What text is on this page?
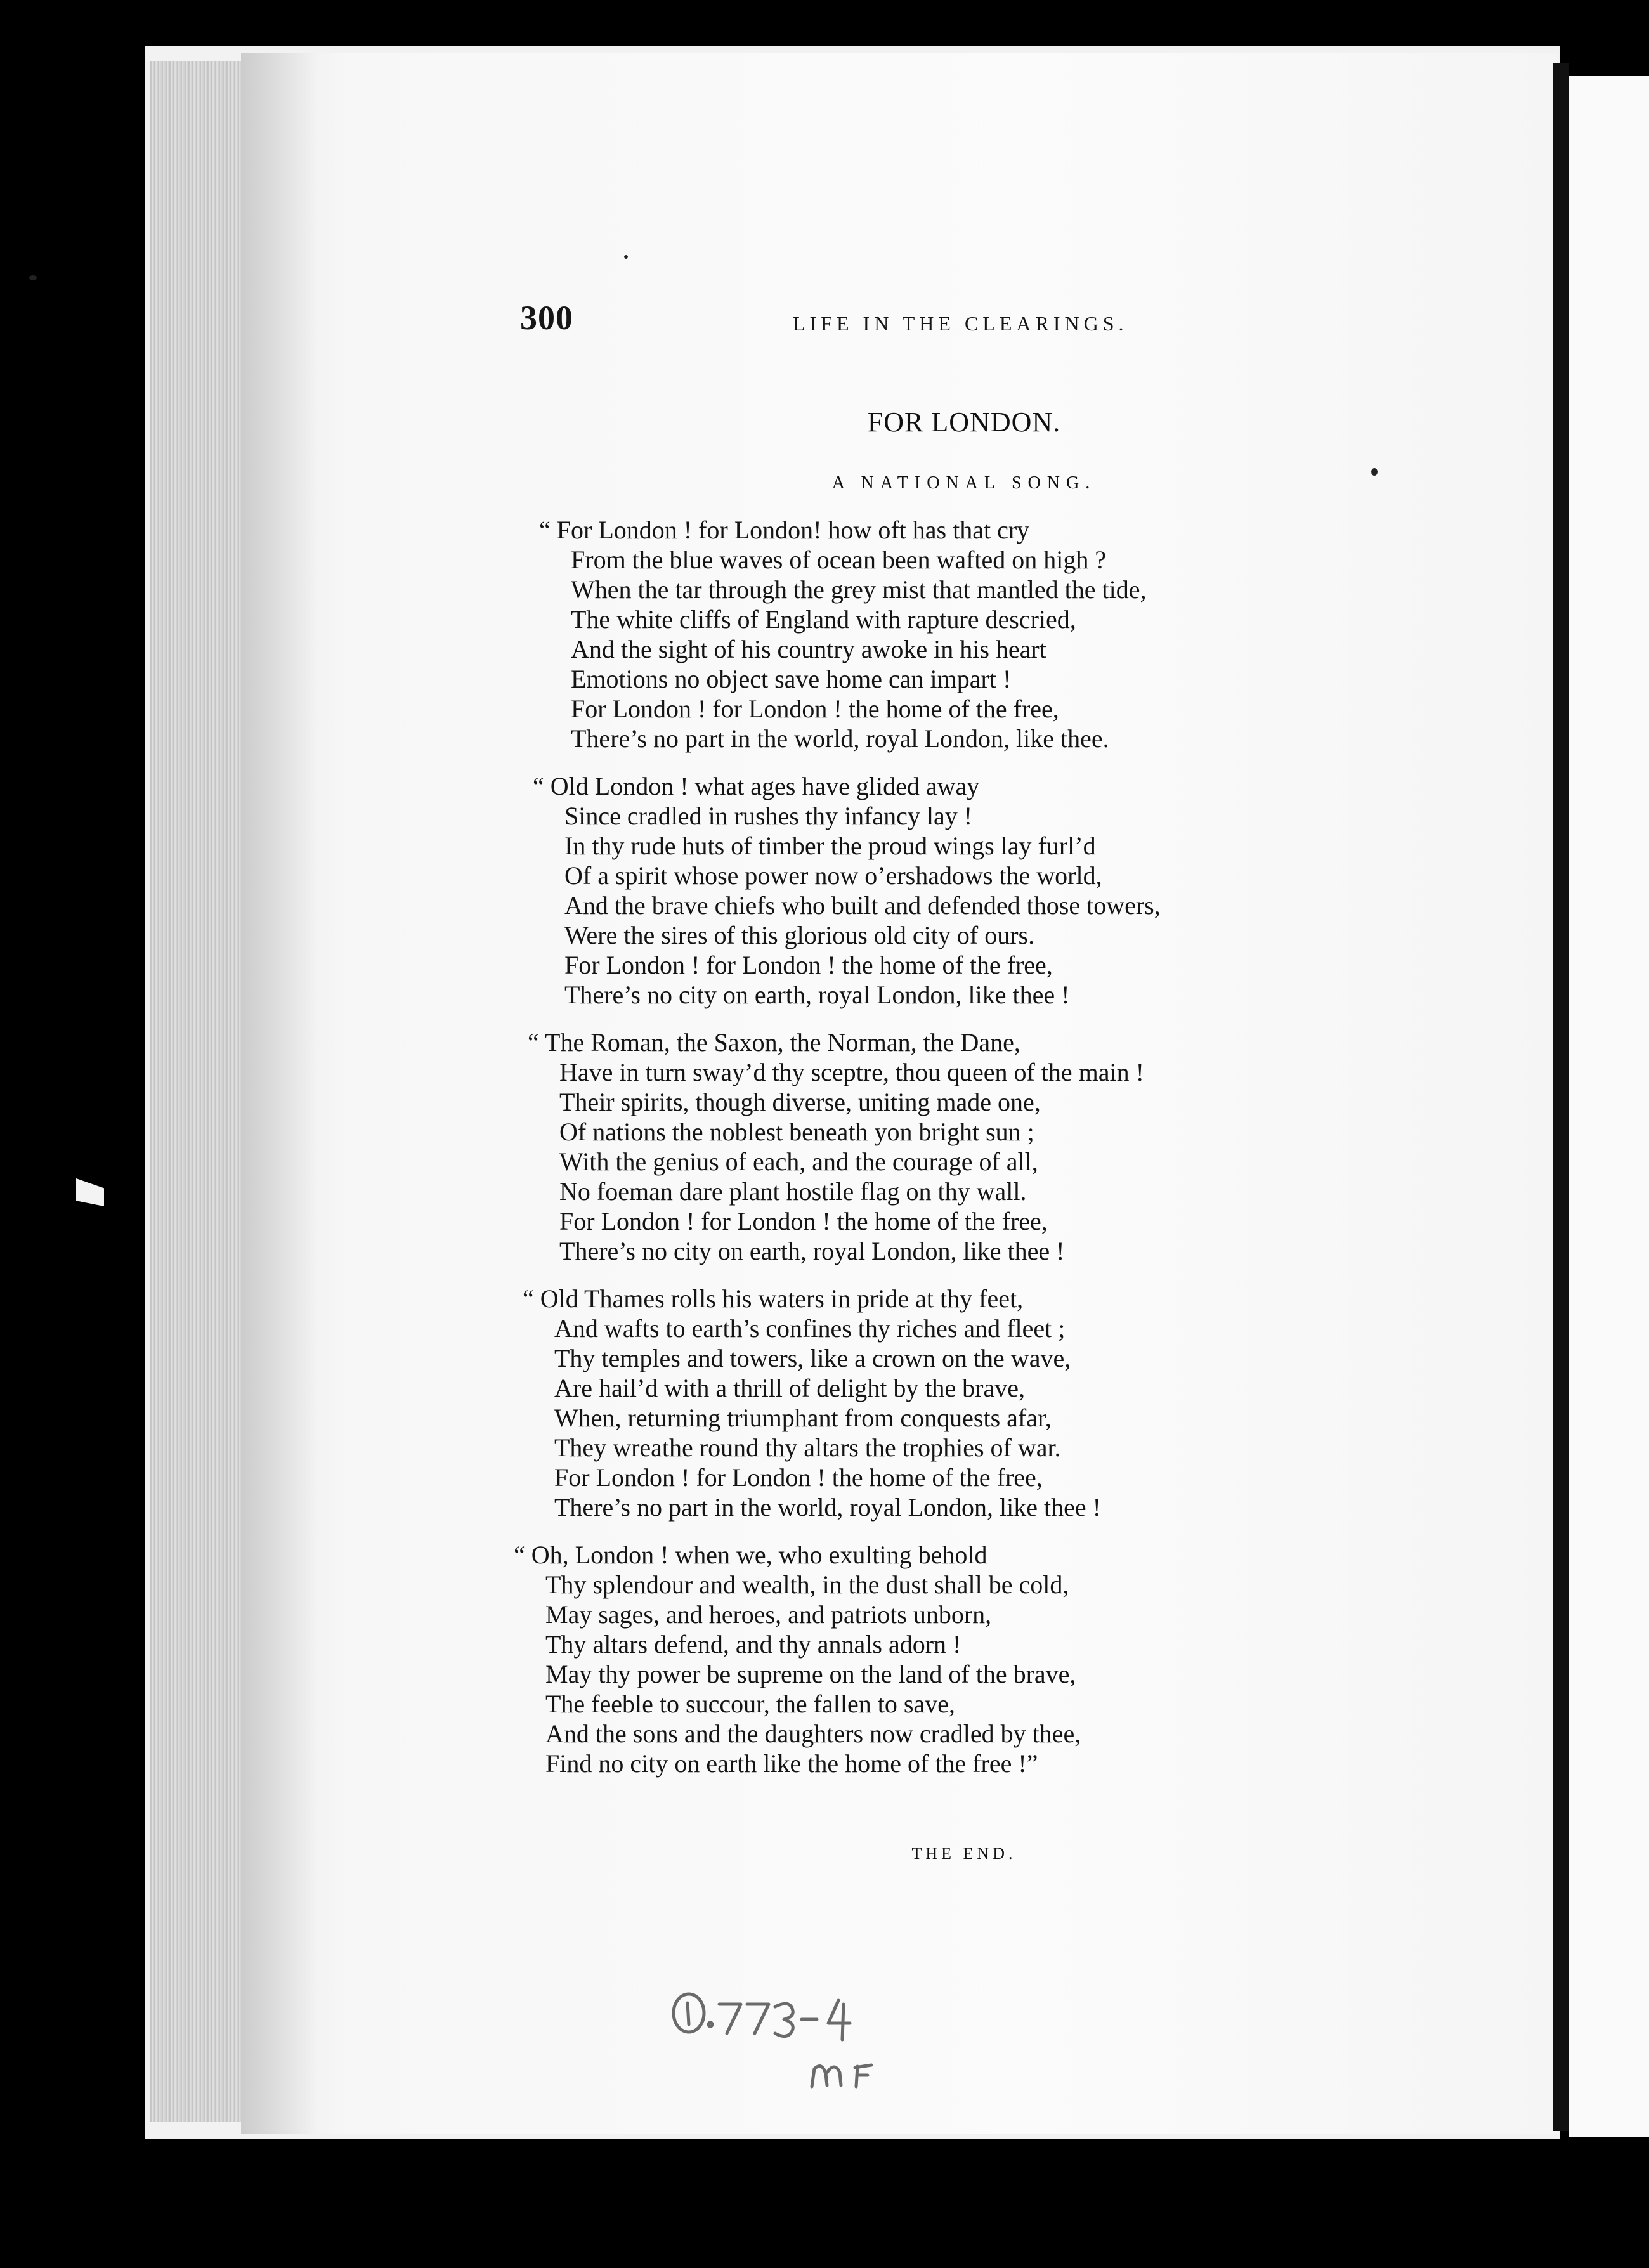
300	LIFE IN THE CLEARINGS.
FOR LONDON.
A NATIONAL SONG.
“ For London ! for London! how oft has that cry
From the blue waves of ocean been wafted on high ?
When the tar through the grey mist that mantled the tide,
The white cliffs of England with rapture descried,
And the sight of his country awoke in his heart
Emotions no object save home can impart !
For London ! for London ! the home of the free,
There’s no part in the world, royal London, like thee.
“ Old London ! what ages have glided away
Since cradled in rushes thy infancy lay !
In thy rude huts of timber the proud wings lay furl’d
Of a spirit whose power now o’ershadows the world,
And the brave chiefs who built and defended those towers,
Were the sires of this glorious old city of ours.
For London ! for London ! the home of the free,
There’s no city on earth, royal London, like thee !
“ The Roman, the Saxon, the Norman, the Dane,
Have in turn sway’d thy sceptre, thou queen of the main !
Their spirits, though diverse, uniting made one,
Of nations the noblest beneath yon bright sun ;
With the genius of each, and the courage of all,
No foeman dare plant hostile flag on thy wall.
For London ! for London ! the home of the free,
There’s no city on earth, royal London, like thee !
“ Old Thames rolls his waters in pride at thy feet,
And wafts to earth’s confines thy riches and fleet ;
Thy temples and towers, like a crown on the wave,
Are hail’d with a thrill of delight by the brave,
When, returning triumphant from conquests afar,
They wreathe round thy altars the trophies of war.
For London ! for London ! the home of the free,
There’s no part in the world, royal London, like thee !
“ Oh, London ! when we, who exulting behold
Thy splendour and wealth, in the dust shall be cold,
May sages, and heroes, and patriots unborn,
Thy altars defend, and thy annals adorn !
May thy power be supreme on the land of the brave,
The feeble to succour, the fallen to save,
And the sons and the daughters now cradled by thee,
Find no city on earth like the home of the free !”
THE END.
